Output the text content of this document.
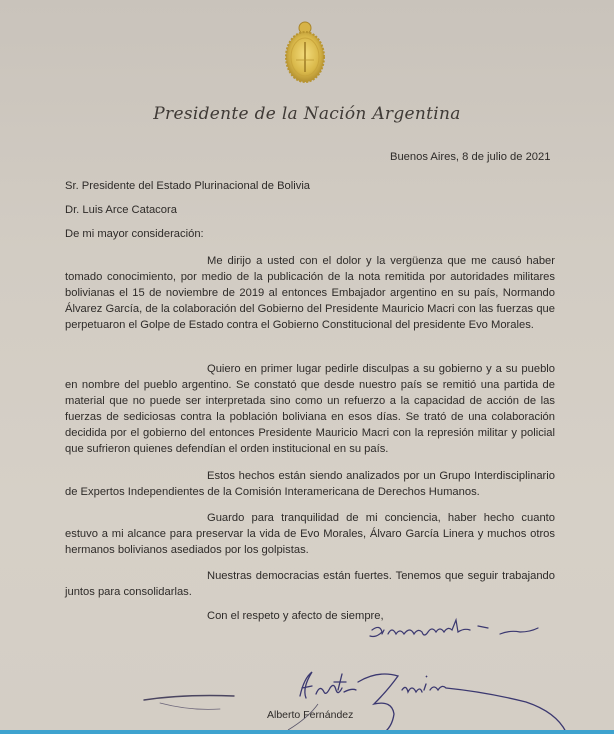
Presidente de la Nación Argentina
Buenos Aires, 8 de julio de 2021
Sr. Presidente del Estado Plurinacional de Bolivia
Dr. Luis Arce Catacora
De mi mayor consideración:

Me dirijo a usted con el dolor y la vergüenza que me causó haber tomado conocimiento, por medio de la publicación de la nota remitida por autoridades militares bolivianas el 15 de noviembre de 2019 al entonces Embajador argentino en su país, Normando Álvarez García, de la colaboración del Gobierno del Presidente Mauricio Macri con las fuerzas que perpetuaron el Golpe de Estado contra el Gobierno Constitucional del presidente Evo Morales.

Quiero en primer lugar pedirle disculpas a su gobierno y a su pueblo en nombre del pueblo argentino. Se constató que desde nuestro país se remitió una partida de material que no puede ser interpretada sino como un refuerzo a la capacidad de acción de las fuerzas de sediciosas contra la población boliviana en esos días. Se trató de una colaboración decidida por el gobierno del entonces Presidente Mauricio Macri con la represión militar y policial que sufrieron quienes defendían el orden institucional en su país.

Estos hechos están siendo analizados por un Grupo Interdisciplinario de Expertos Independientes de la Comisión Interamericana de Derechos Humanos.

Guardo para tranquilidad de mi conciencia, haber hecho cuanto estuvo a mi alcance para preservar la vida de Evo Morales, Álvaro García Linera y muchos otros hermanos bolivianos asediados por los golpistas.

Nuestras democracias están fuertes. Tenemos que seguir trabajando juntos para consolidarlas.

Con el respeto y afecto de siempre,
Alberto Fernández
